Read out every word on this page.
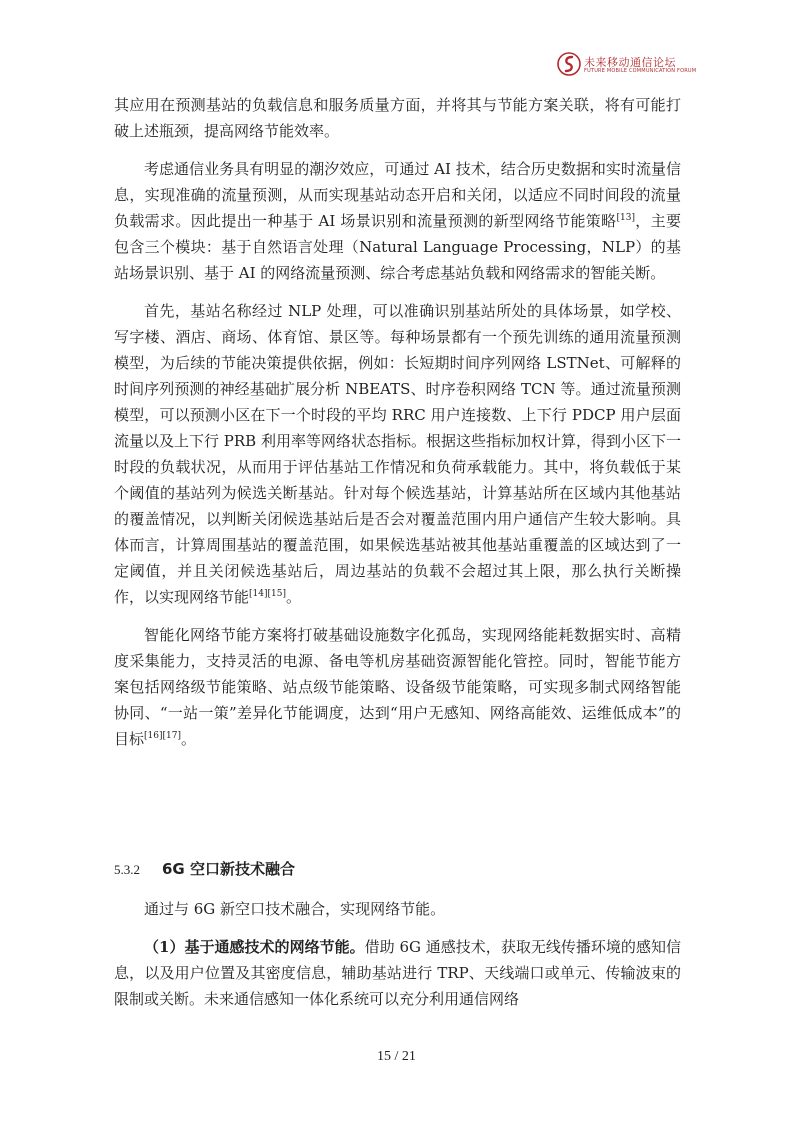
未来移动通信论坛
FUTURE MOBILE COMMUNICATION FORUM

其应用在预测基站的负载信息和服务质量方面，并将其与节能方案关联，将有可能打破上述瓶颈，提高网络节能效率。

考虑通信业务具有明显的潮汐效应，可通过 AI 技术，结合历史数据和实时流量信息，实现准确的流量预测，从而实现基站动态开启和关闭，以适应不同时间段的流量负载需求。因此提出一种基于 AI 场景识别和流量预测的新型网络节能策略[13]，主要包含三个模块：基于自然语言处理（Natural Language Processing，NLP）的基站场景识别、基于 AI 的网络流量预测、综合考虑基站负载和网络需求的智能关断。

首先，基站名称经过 NLP 处理，可以准确识别基站所处的具体场景，如学校、写字楼、酒店、商场、体育馆、景区等。每种场景都有一个预先训练的通用流量预测模型，为后续的节能决策提供依据，例如：长短期时间序列网络 LSTNet、可解释的时间序列预测的神经基础扩展分析 NBEATS、时序卷积网络 TCN 等。通过流量预测模型，可以预测小区在下一个时段的平均 RRC 用户连接数、上下行 PDCP 用户层面流量以及上下行 PRB 利用率等网络状态指标。根据这些指标加权计算，得到小区下一时段的负载状况，从而用于评估基站工作情况和负荷承载能力。其中，将负载低于某个阈值的基站列为候选关断基站。针对每个候选基站，计算基站所在区域内其他基站的覆盖情况，以判断关闭候选基站后是否会对覆盖范围内用户通信产生较大影响。具体而言，计算周围基站的覆盖范围，如果候选基站被其他基站重覆盖的区域达到了一定阈值，并且关闭候选基站后，周边基站的负载不会超过其上限，那么执行关断操作，以实现网络节能[14][15]。

智能化网络节能方案将打破基础设施数字化孤岛，实现网络能耗数据实时、高精度采集能力，支持灵活的电源、备电等机房基础资源智能化管控。同时，智能节能方案包括网络级节能策略、站点级节能策略、设备级节能策略，可实现多制式网络智能协同、“一站一策”差异化节能调度，达到“用户无感知、网络高能效、运维低成本”的目标[16][17]。

5.3.2 6G 空口新技术融合

通过与 6G 新空口技术融合，实现网络节能。

（1）基于通感技术的网络节能。借助 6G 通感技术，获取无线传播环境的感知信息，以及用户位置及其密度信息，辅助基站进行 TRP、天线端口或单元、传输波束的限制或关断。未来通信感知一体化系统可以充分利用通信网络

15 / 21
